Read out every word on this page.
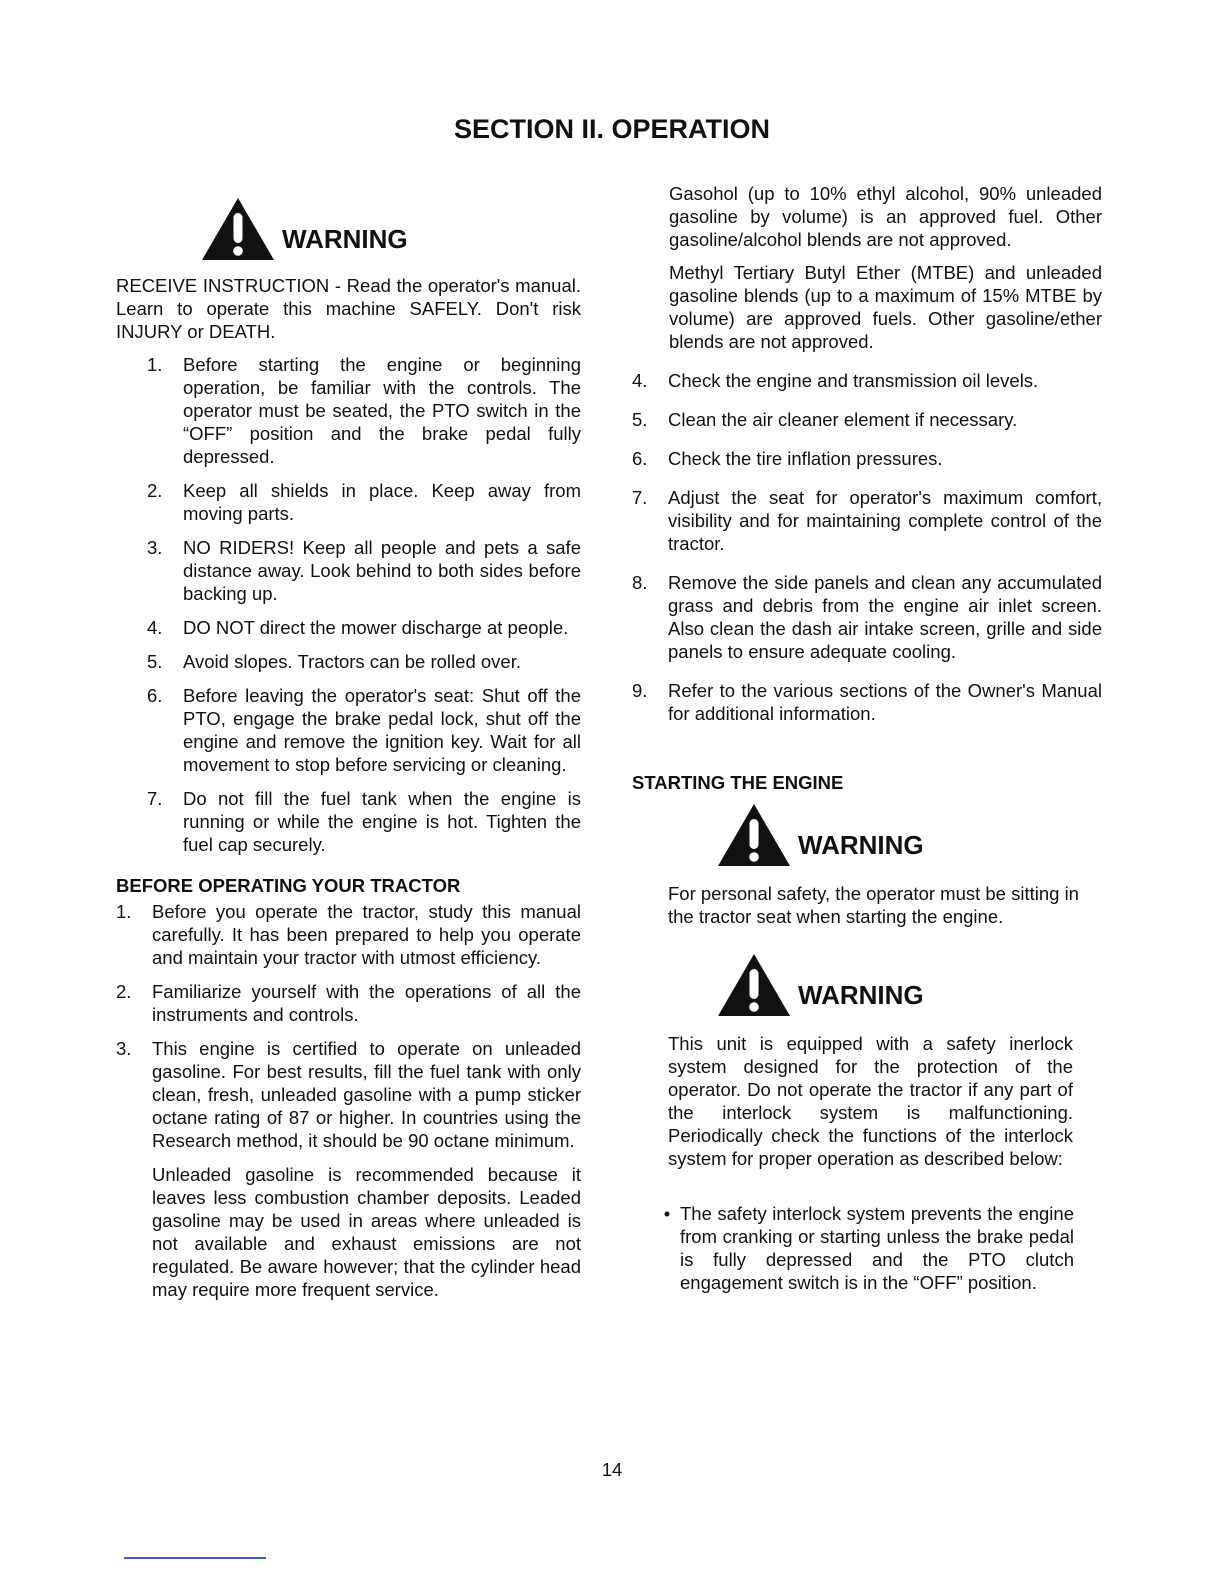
SECTION II. OPERATION
WARNING

RECEIVE INSTRUCTION - Read the operator's manual. Learn to operate this machine SAFELY. Don't risk INJURY or DEATH.

1.	Before starting the engine or beginning operation, be familiar with the controls. The operator must be seated, the PTO switch in the “OFF” position and the brake pedal fully depressed.
2.	Keep all shields in place. Keep away from moving parts.
3.	NO RIDERS! Keep all people and pets a safe distance away. Look behind to both sides before backing up.
4.	DO NOT direct the mower discharge at people.
5.	Avoid slopes. Tractors can be rolled over.
6.	Before leaving the operator's seat: Shut off the PTO, engage the brake pedal lock, shut off the engine and remove the ignition key. Wait for all movement to stop before servicing or cleaning.
7.	Do not fill the fuel tank when the engine is running or while the engine is hot. Tighten the fuel cap securely.
BEFORE OPERATING YOUR TRACTOR
1.	Before you operate the tractor, study this manual carefully. It has been prepared to help you operate and maintain your tractor with utmost efficiency.
2.	Familiarize yourself with the operations of all the instruments and controls.
3.	This engine is certified to operate on unleaded gasoline. For best results, fill the fuel tank with only clean, fresh, unleaded gasoline with a pump sticker octane rating of 87 or higher. In countries using the Research method, it should be 90 octane minimum.

Unleaded gasoline is recommended because it leaves less combustion chamber deposits. Leaded gasoline may be used in areas where unleaded is not available and exhaust emissions are not regulated. Be aware however; that the cylinder head may require more frequent service.

Gasohol (up to 10% ethyl alcohol, 90% unleaded gasoline by volume) is an approved fuel. Other gasoline/alcohol blends are not approved.

Methyl Tertiary Butyl Ether (MTBE) and unleaded gasoline blends (up to a maximum of 15% MTBE by volume) are approved fuels. Other gasoline/ether blends are not approved.

4.	Check the engine and transmission oil levels.
5.	Clean the air cleaner element if necessary.
6.	Check the tire inflation pressures.
7.	Adjust the seat for operator's maximum comfort, visibility and for maintaining complete control of the tractor.
8.	Remove the side panels and clean any accumulated grass and debris from the engine air inlet screen. Also clean the dash air intake screen, grille and side panels to ensure adequate cooling.
9.	Refer to the various sections of the Owner's Manual for additional information.
STARTING THE ENGINE
WARNING

For personal safety, the operator must be sitting in the tractor seat when starting the engine.

WARNING

This unit is equipped with a safety inerlock system designed for the protection of the operator. Do not operate the tractor if any part of the interlock system is malfunctioning. Periodically check the functions of the interlock system for proper operation as described below:

• The safety interlock system prevents the engine from cranking or starting unless the brake pedal is fully depressed and the PTO clutch engagement switch is in the “OFF” position.
14
